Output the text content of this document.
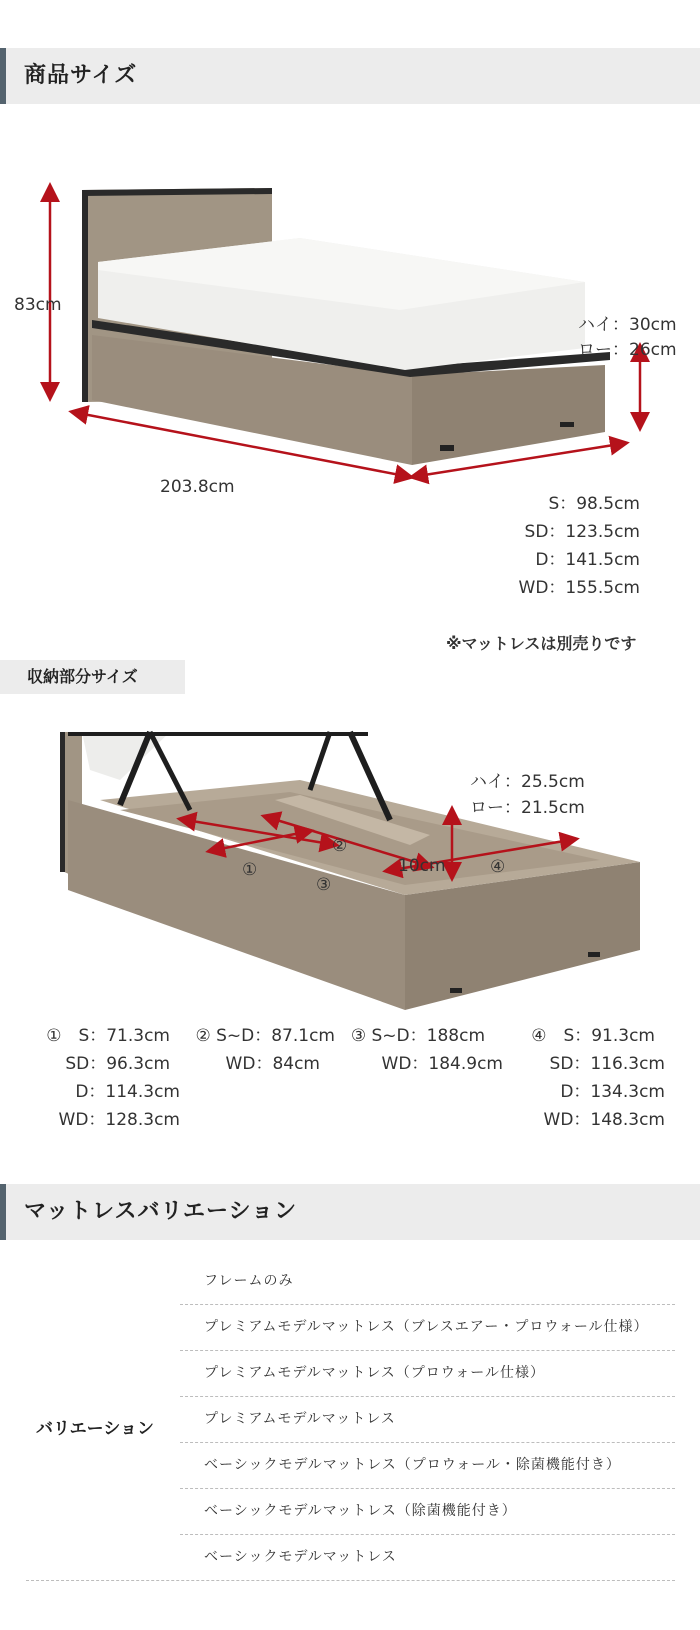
商品サイズ
83cm
203.8cm
ハイ：30cm
ロー：26cm
S：98.5cm
SD：123.5cm
D：141.5cm
WD：155.5cm
※マットレスは別売りです
収納部分サイズ
ハイ：25.5cm
ロー：21.5cm
10cm
①
②
③
④
①　S：71.3cm
SD：96.3cm
D：114.3cm
WD：128.3cm
② S~D：87.1cm
WD：84cm
③ S~D：188cm
WD：184.9cm
④　S：91.3cm
SD：116.3cm
D：134.3cm
WD：148.3cm
マットレスバリエーション
バリエーション
フレームのみ
プレミアムモデルマットレス（ブレスエアー・プロウォール仕様）
プレミアムモデルマットレス（プロウォール仕様）
プレミアムモデルマットレス
ベーシックモデルマットレス（プロウォール・除菌機能付き）
ベーシックモデルマットレス（除菌機能付き）
ベーシックモデルマットレス
